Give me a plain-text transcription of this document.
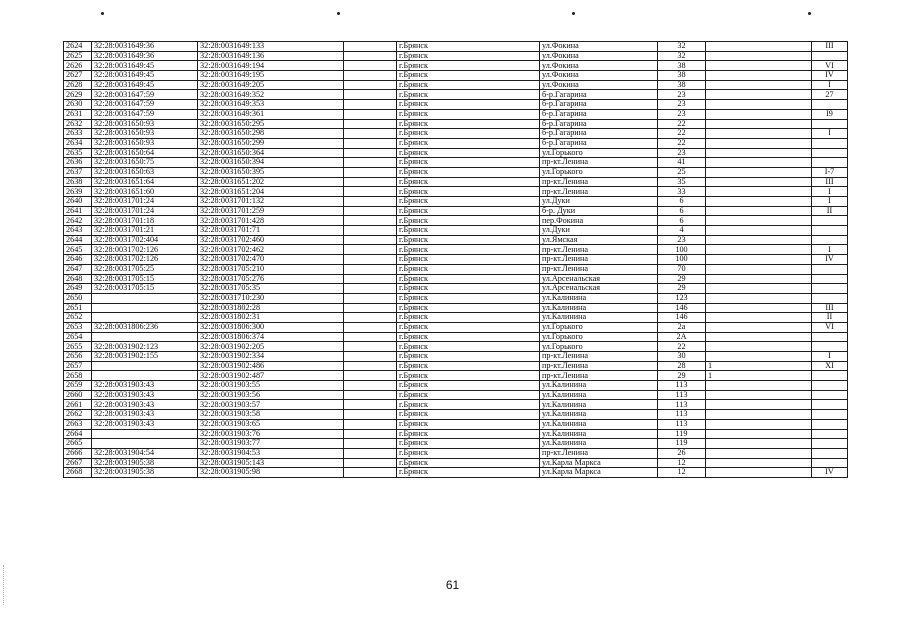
2624	32:28:0031649:36	32:28:0031649:133		г.Брянск	ул.Фокина	32		III
2625	32:28:0031649:36	32:28:0031649:136		г.Брянск	ул.Фокина	32		
2626	32:28:0031649:45	32:28:0031649:194		г.Брянск	ул.Фокина	38		VI
2627	32:28:0031649:45	32:28:0031649:195		г.Брянск	ул.Фокина	38		IV
2628	32:28:0031649:45	32:28:0031649:205		г.Брянск	ул.Фокина	38		I
2629	32:28:0031647:59	32:28:0031649:352		г.Брянск	б-р.Гагарина	23		27
2630	32:28:0031647:59	32:28:0031649:353		г.Брянск	б-р.Гагарина	23		
2631	32:28:0031647:59	32:28:0031649:361		г.Брянск	б-р.Гагарина	23		I9
2632	32:28:0031650:93	32:28:0031650:295		г.Брянск	б-р.Гагарина	22		
2633	32:28:0031650:93	32:28:0031650:298		г.Брянск	б-р.Гагарина	22		I
2634	32:28:0031650:93	32:28:0031650:299		г.Брянск	б-р.Гагарина	22		
2635	32:28:0031650:64	32:28:0031650:364		г.Брянск	ул.Горького	23		
2636	32:28:0031650:75	32:28:0031650:394		г.Брянск	пр-кт.Ленина	41		
2637	32:28:0031650:63	32:28:0031650:395		г.Брянск	ул.Горького	25		I-7
2638	32:28:0031651:64	32:28:0031651:202		г.Брянск	пр-кт.Ленина	35		III
2639	32:28:0031651:60	32:28:0031651:204		г.Брянск	пр-кт.Ленина	33		I
2640	32:28:0031701:24	32:28:0031701:132		г.Брянск	ул.Дуки	6		I
2641	32:28:0031701:24	32:28:0031701:259		г.Брянск	б-р. Дуки	6		II
2642	32:28:0031701:18	32:28:0031701:428		г.Брянск	пер.Фокина	6		
2643	32:28:0031701:21	32:28:0031701:71		г.Брянск	ул.Дуки	4		
2644	32:28:0031702:404	32:28:0031702:460		г.Брянск	ул.Ямская	23		
2645	32:28:0031702:126	32:28:0031702:462		г.Брянск	пр-кт.Ленина	100		I
2646	32:28:0031702:126	32:28:0031702:470		г.Брянск	пр-кт.Ленина	100		IV
2647	32:28:0031705:25	32:28:0031705:210		г.Брянск	пр-кт.Ленина	70		
2648	32:28:0031705:15	32:28:0031705:276		г.Брянск	ул.Арсенальская	29		
2649	32:28:0031705:15	32:28:0031705:35		г.Брянск	ул.Арсенальская	29		
2650		32:28:0031710:230		г.Брянск	ул.Калинина	123		
2651		32:28:0031802:28		г.Брянск	ул.Калинина	146		III
2652		32:28:0031802:31		г.Брянск	ул.Калинина	146		II
2653	32:28:0031806:236	32:28:0031806:300		г.Брянск	ул.Горького	2а		VI
2654		32:28:0031806:374		г.Брянск	ул.Горького	2А		
2655	32:28:0031902:123	32:28:0031902:205		г.Брянск	ул.Горького	22		
2656	32:28:0031902:155	32:28:0031902:334		г.Брянск	пр-кт.Ленина	30		I
2657		32:28:0031902:486		г.Брянск	пр-кт.Ленина	28	1	XI
2658		32:28:0031902:487		г.Брянск	пр-кт.Ленина	29	1	
2659	32:28:0031903:43	32:28:0031903:55		г.Брянск	ул.Калинина	113		
2660	32:28:0031903:43	32:28:0031903:56		г.Брянск	ул.Калинина	113		
2661	32:28:0031903:43	32:28:0031903:57		г.Брянск	ул.Калинина	113		
2662	32:28:0031903:43	32:28:0031903:58		г.Брянск	ул.Калинина	113		
2663	32:28:0031903:43	32:28:0031903:65		г.Брянск	ул.Калинина	113		
2664		32:28:0031903:76		г.Брянск	ул.Калинина	119		
2665		32:28:0031903:77		г.Брянск	ул.Калинина	119		
2666	32:28:0031904:54	32:28:0031904:53		г.Брянск	пр-кт.Ленина	26		
2667	32:28:0031905:38	32:28:0031905:143		г.Брянск	ул.Карла Маркса	12		
2668	32:28:0031905:38	32:28:0031905:98		г.Брянск	ул.Карла Маркса	12		IV
61
